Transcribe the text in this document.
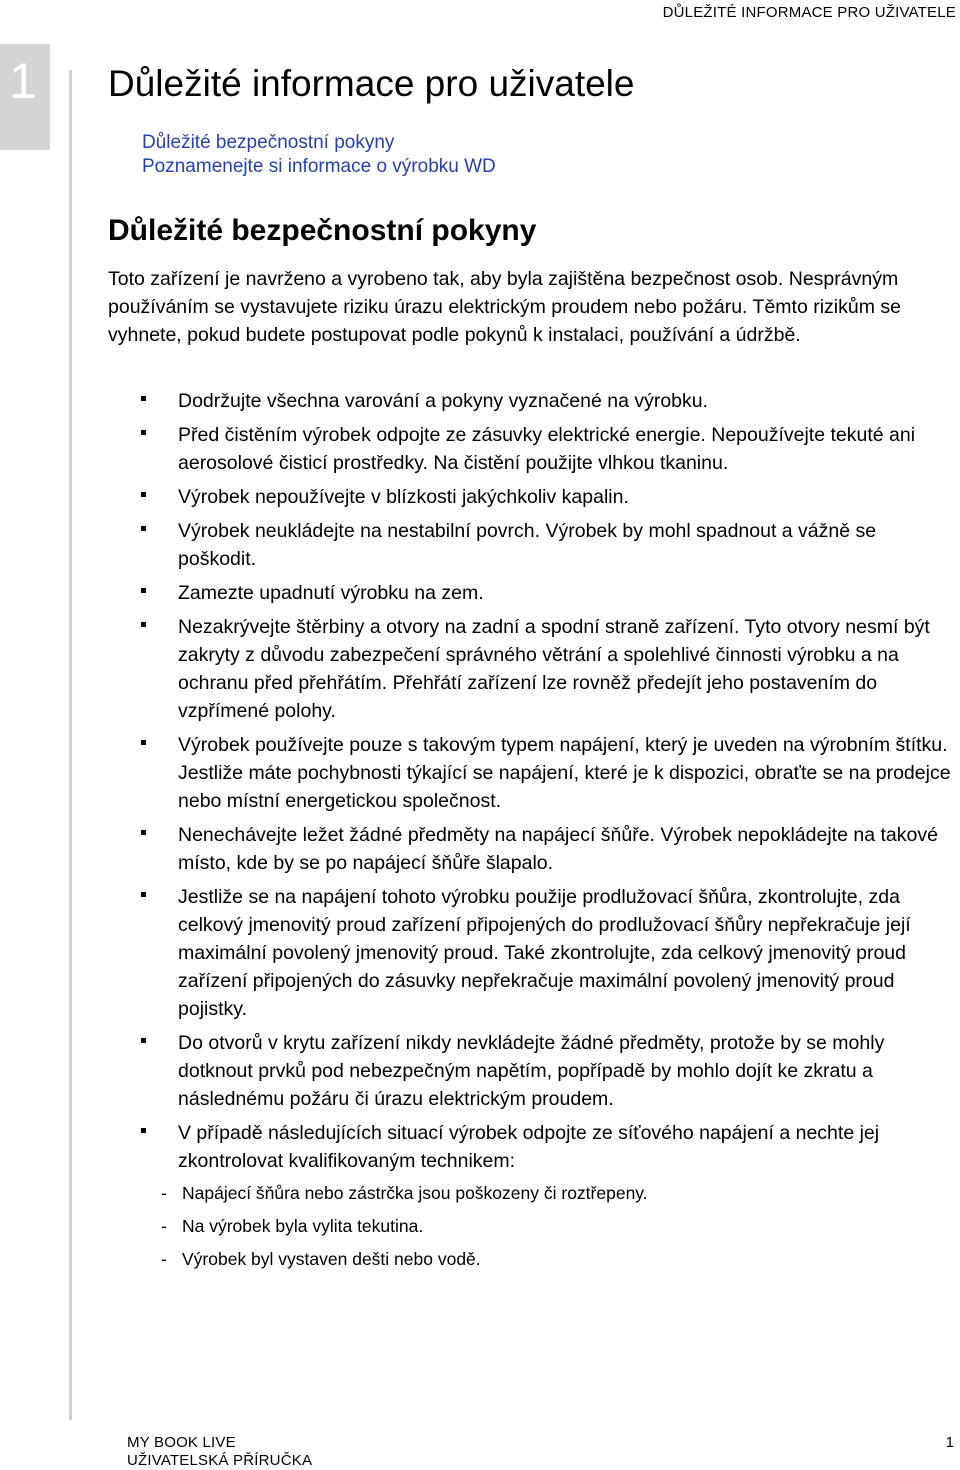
DŮLEŽITÉ INFORMACE PRO UŽIVATELE
1 Důležité informace pro uživatele
Důležité bezpečnostní pokyny
Poznamenejte si informace o výrobku WD
Důležité bezpečnostní pokyny

Toto zařízení je navrženo a vyrobeno tak, aby byla zajištěna bezpečnost osob. Nesprávným používáním se vystavujete riziku úrazu elektrickým proudem nebo požáru. Těmto rizikům se vyhnete, pokud budete postupovat podle pokynů k instalaci, používání a údržbě.

Dodržujte všechna varování a pokyny vyznačené na výrobku.
Před čistěním výrobek odpojte ze zásuvky elektrické energie. Nepoužívejte tekuté ani aerosolové čisticí prostředky. Na čistění použijte vlhkou tkaninu.
Výrobek nepoužívejte v blízkosti jakýchkoliv kapalin.
Výrobek neukládejte na nestabilní povrch. Výrobek by mohl spadnout a vážně se poškodit.
Zamezte upadnutí výrobku na zem.
Nezakrývejte štěrbiny a otvory na zadní a spodní straně zařízení. Tyto otvory nesmí být zakryty z důvodu zabezpečení správného větrání a spolehlivé činnosti výrobku a na ochranu před přehřátím. Přehřátí zařízení lze rovněž předejít jeho postavením do vzpřímené polohy.
Výrobek používejte pouze s takovým typem napájení, který je uveden na výrobním štítku. Jestliže máte pochybnosti týkající se napájení, které je k dispozici, obraťte se na prodejce nebo místní energetickou společnost.
Nenechávejte ležet žádné předměty na napájecí šňůře. Výrobek nepokládejte na takové místo, kde by se po napájecí šňůře šlapalo.
Jestliže se na napájení tohoto výrobku použije prodlužovací šňůra, zkontrolujte, zda celkový jmenovitý proud zařízení připojených do prodlužovací šňůry nepřekračuje její maximální povolený jmenovitý proud. Také zkontrolujte, zda celkový jmenovitý proud zařízení připojených do zásuvky nepřekračuje maximální povolený jmenovitý proud pojistky.
Do otvorů v krytu zařízení nikdy nevkládejte žádné předměty, protože by se mohly dotknout prvků pod nebezpečným napětím, popřípadě by mohlo dojít ke zkratu a následnému požáru či úrazu elektrickým proudem.
V případě následujících situací výrobek odpojte ze síťového napájení a nechte jej zkontrolovat kvalifikovaným technikem:
- Napájecí šňůra nebo zástrčka jsou poškozeny či roztřepeny.
- Na výrobek byla vylita tekutina.
- Výrobek byl vystaven dešti nebo vodě.
MY BOOK LIVE
UŽIVATELSKÁ PŘÍRUČKA
1
